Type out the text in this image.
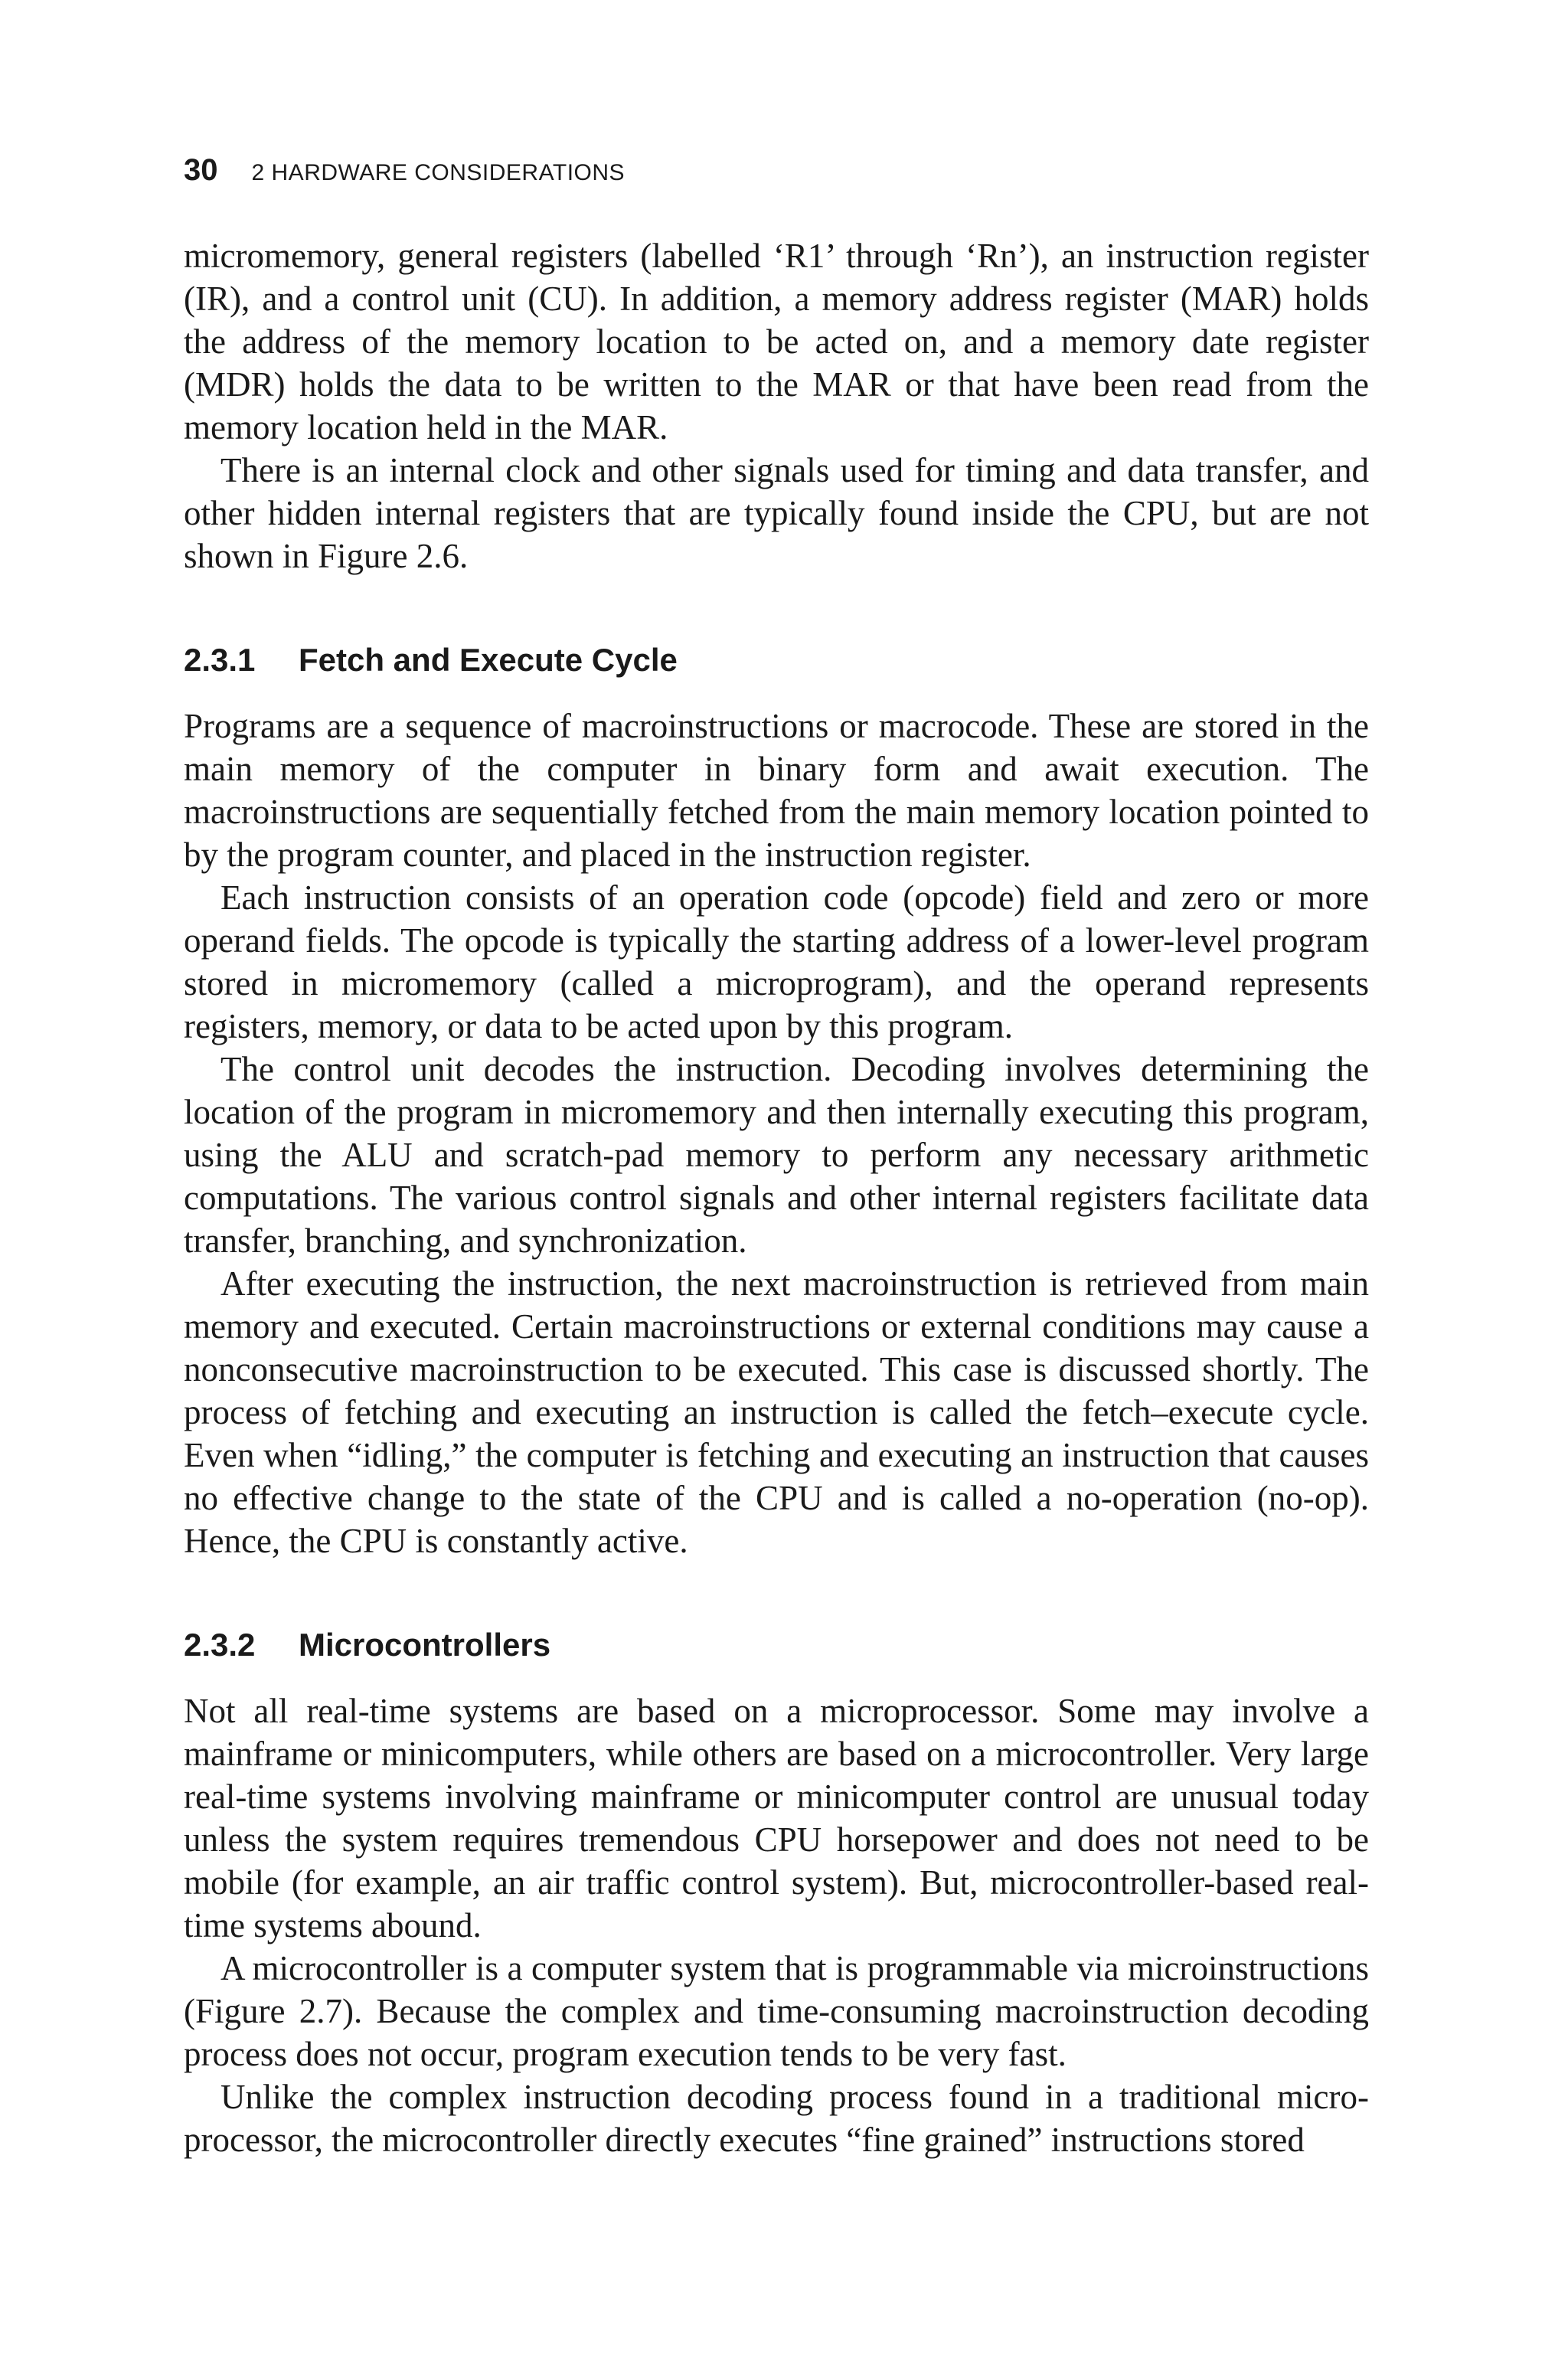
30 2 HARDWARE CONSIDERATIONS

micromemory, general registers (labelled ‘R1’ through ‘Rn’), an instruction register (IR), and a control unit (CU). In addition, a memory address register (MAR) holds the address of the memory location to be acted on, and a memory date register (MDR) holds the data to be written to the MAR or that have been read from the memory location held in the MAR.

There is an internal clock and other signals used for timing and data transfer, and other hidden internal registers that are typically found inside the CPU, but are not shown in Figure 2.6.

2.3.1	Fetch and Execute Cycle

Programs are a sequence of macroinstructions or macrocode. These are stored in the main memory of the computer in binary form and await execution. The macroinstructions are sequentially fetched from the main memory location pointed to by the program counter, and placed in the instruction register.

Each instruction consists of an operation code (opcode) field and zero or more operand fields. The opcode is typically the starting address of a lower-level program stored in micromemory (called a microprogram), and the operand represents registers, memory, or data to be acted upon by this program.

The control unit decodes the instruction. Decoding involves determining the location of the program in micromemory and then internally executing this program, using the ALU and scratch-pad memory to perform any necessary arithmetic computations. The various control signals and other internal registers facilitate data transfer, branching, and synchronization.

After executing the instruction, the next macroinstruction is retrieved from main memory and executed. Certain macroinstructions or external conditions may cause a nonconsecutive macroinstruction to be executed. This case is discussed shortly. The process of fetching and executing an instruction is called the fetch–execute cycle. Even when “idling,” the computer is fetching and executing an instruction that causes no effective change to the state of the CPU and is called a no-operation (no-op). Hence, the CPU is constantly active.

2.3.2	Microcontrollers

Not all real-time systems are based on a microprocessor. Some may involve a mainframe or minicomputers, while others are based on a microcontroller. Very large real-time systems involving mainframe or minicomputer control are unusual today unless the system requires tremendous CPU horsepower and does not need to be mobile (for example, an air traffic control system). But, microcontroller-based real-time systems abound.

A microcontroller is a computer system that is programmable via microinstructions (Figure 2.7). Because the complex and time-consuming macroinstruction decoding process does not occur, program execution tends to be very fast.

Unlike the complex instruction decoding process found in a traditional microprocessor, the microcontroller directly executes “fine grained” instructions stored
